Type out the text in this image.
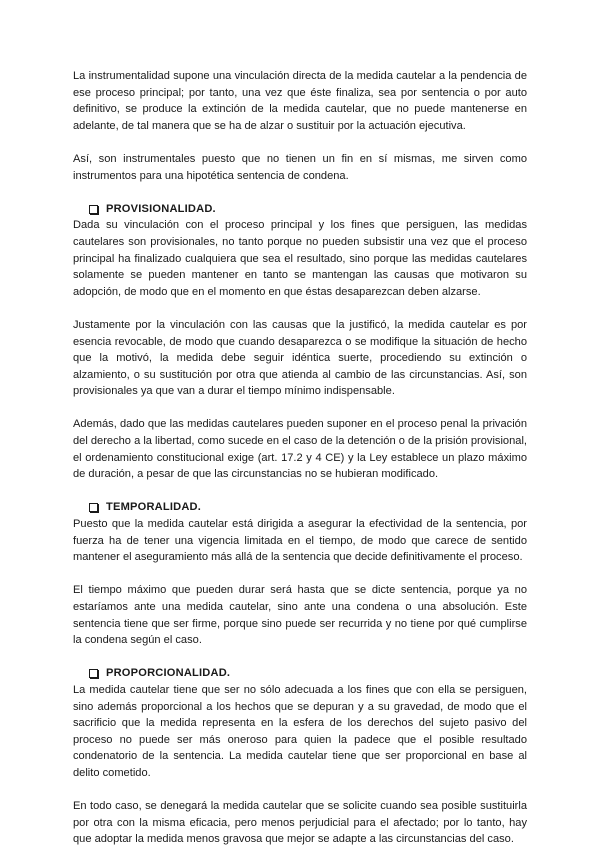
La instrumentalidad supone una vinculación directa de la medida cautelar a la pendencia de ese proceso principal; por tanto, una vez que éste finaliza, sea por sentencia o por auto definitivo, se produce la extinción de la medida cautelar, que no puede mantenerse en adelante, de tal manera que se ha de alzar o sustituir por la actuación ejecutiva.

Así, son instrumentales puesto que no tienen un fin en sí mismas, me sirven como instrumentos para una hipotética sentencia de condena.

PROVISIONALIDAD.

Dada su vinculación con el proceso principal y los fines que persiguen, las medidas cautelares son provisionales, no tanto porque no pueden subsistir una vez que el proceso principal ha finalizado cualquiera que sea el resultado, sino porque las medidas cautelares solamente se pueden mantener en tanto se mantengan las causas que motivaron su adopción, de modo que en el momento en que éstas desaparezcan deben alzarse.

Justamente por la vinculación con las causas que la justificó, la medida cautelar es por esencia revocable, de modo que cuando desaparezca o se modifique la situación de hecho que la motivó, la medida debe seguir idéntica suerte, procediendo su extinción o alzamiento, o su sustitución por otra que atienda al cambio de las circunstancias. Así, son provisionales ya que van a durar el tiempo mínimo indispensable.

Además, dado que las medidas cautelares pueden suponer en el proceso penal la privación del derecho a la libertad, como sucede en el caso de la detención o de la prisión provisional, el ordenamiento constitucional exige (art. 17.2 y 4 CE) y la Ley establece un plazo máximo de duración, a pesar de que las circunstancias no se hubieran modificado.

TEMPORALIDAD.

Puesto que la medida cautelar está dirigida a asegurar la efectividad de la sentencia, por fuerza ha de tener una vigencia limitada en el tiempo, de modo que carece de sentido mantener el aseguramiento más allá de la sentencia que decide definitivamente el proceso.

El tiempo máximo que pueden durar será hasta que se dicte sentencia, porque ya no estaríamos ante una medida cautelar, sino ante una condena o una absolución. Este sentencia tiene que ser firme, porque sino puede ser recurrida y no tiene por qué cumplirse la condena según el caso.

PROPORCIONALIDAD.

La medida cautelar tiene que ser no sólo adecuada a los fines que con ella se persiguen, sino además proporcional a los hechos que se depuran y a su gravedad, de modo que el sacrificio que la medida representa en la esfera de los derechos del sujeto pasivo del proceso no puede ser más oneroso para quien la padece que el posible resultado condenatorio de la sentencia. La medida cautelar tiene que ser proporcional en base al delito cometido.

En todo caso, se denegará la medida cautelar que se solicite cuando sea posible sustituirla por otra con la misma eficacia, pero menos perjudicial para el afectado; por lo tanto, hay que adoptar la medida menos gravosa que mejor se adapte a las circunstancias del caso.
